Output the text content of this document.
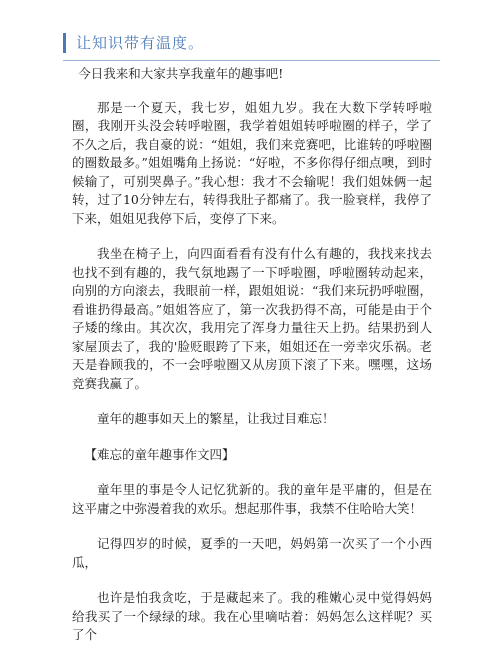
让知识带有温度。

今日我来和大家共享我童年的趣事吧!

那是一个夏天，我七岁，姐姐九岁。我在大数下学转呼啦圈，我刚开头没会转呼啦圈，我学着姐姐转呼啦圈的样子，学了不久之后，我自豪的说：“姐姐，我们来竞赛吧，比谁转的呼啦圈的圈数最多。”姐姐嘴角上扬说：“好啦，不多你得仔细点噢，到时候输了，可别哭鼻子。”我心想：我才不会输呢！我们姐妹俩一起转，过了10分钟左右，转得我肚子都痛了。我一脸衰样，我停了下来，姐姐见我停下后，变停了下来。

我坐在椅子上，向四面看看有没有什么有趣的，我找来找去也找不到有趣的，我气氛地踢了一下呼啦圈，呼啦圈转动起来，向别的方向滚去，我眼前一样，跟姐姐说：“我们来玩扔呼啦圈，看谁扔得最高。”姐姐答应了，第一次我扔得不高，可能是由于个子矮的缘由。其次次，我用完了浑身力量往天上扔。结果扔到人家屋顶去了，我的'脸贬眼跨了下来，姐姐还在一旁幸灾乐祸。老天是眷顾我的，不一会呼啦圈又从房顶下滚了下来。嘿嘿，这场竞赛我赢了。

童年的趣事如天上的繁星，让我过目难忘！

【难忘的童年趣事作文四】

童年里的事是令人记忆犹新的。我的童年是平庸的，但是在这平庸之中弥漫着我的欢乐。想起那件事，我禁不住哈哈大笑！

记得四岁的时候，夏季的一天吧，妈妈第一次买了一个小西瓜，

也许是怕我贪吃，于是藏起来了。我的稚嫩心灵中觉得妈妈给我买了一个绿绿的球。我在心里嘀咕着：妈妈怎么这样呢？买了个
